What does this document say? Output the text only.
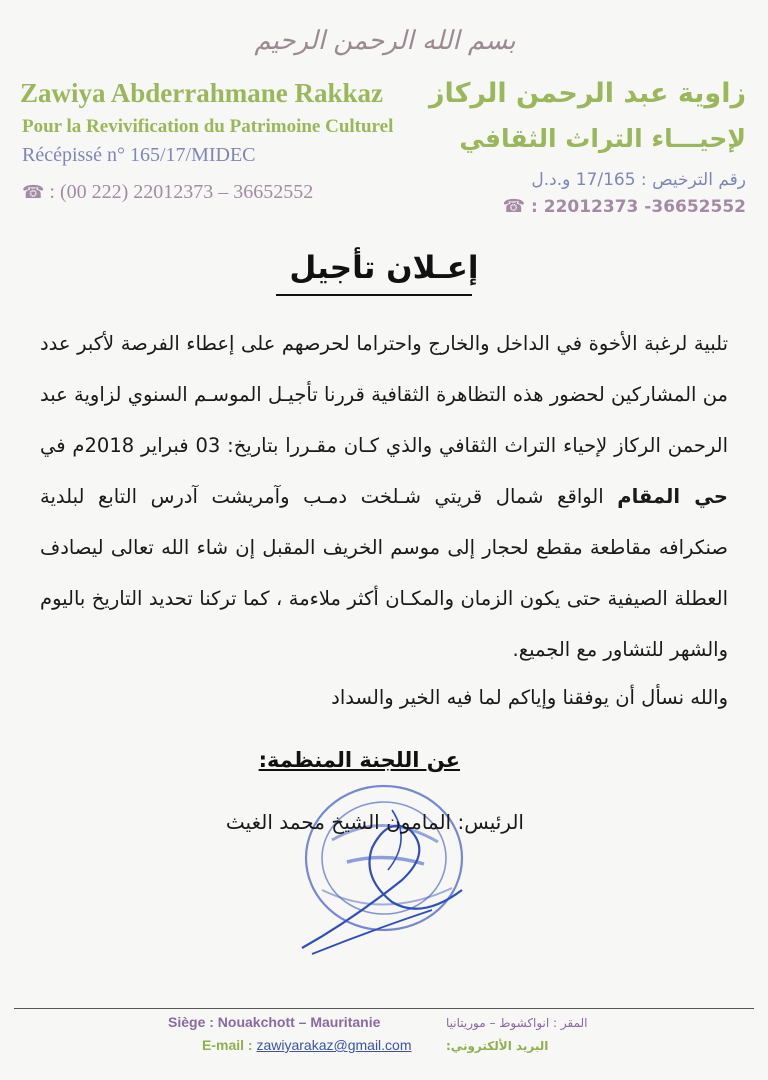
بسم الله الرحمن الرحيم
Zawiya Abderrahmane Rakkaz
Pour la Revivification du Patrimoine Culturel
Récépissé n° 165/17/MIDEC
☎ : (00 222) 22012373 – 36652552
زاوية عبد الرحمن الركاز
لإحيـــاء التراث الثقافي
رقم الترخيص : 17/165 و.د.ل
36652552- 22012373 : ☎
إعـلان تأجيل

تلبية لرغبة الأخوة في الداخل والخارج واحتراما لحرصهم على إعطاء الفرصة لأكبر عدد من المشاركين لحضور هذه التظاهرة الثقافية قررنا تأجيـل الموسـم السنوي لزاوية عبد الرحمن الركاز لإحياء التراث الثقافي والذي كـان مقـررا بتاريخ: 03 فبراير 2018م في حي المقام الواقع شمال قريتي شـلخت دمـب وآمريشت آدرس التابع لبلدية صنكرافه مقاطعة مقطع لحجار إلى موسم الخريف المقبل إن شاء الله تعالى ليصادف العطلة الصيفية حتى يكون الزمان والمكـان أكثر ملاءمة ، كما تركنا تحديد التاريخ باليوم والشهر للتشاور مع الجميع.

والله نسأل أن يوفقنا وإياكم لما فيه الخير والسداد
عن اللجنة المنظمة:
الرئيس: المامون الشيخ محمد الغيث
Siège : Nouakchott – Mauritanie
E-mail : zawiyarakaz@gmail.com
المقر : انواكشوط – موريتانيا
البريد الألكتروني:
